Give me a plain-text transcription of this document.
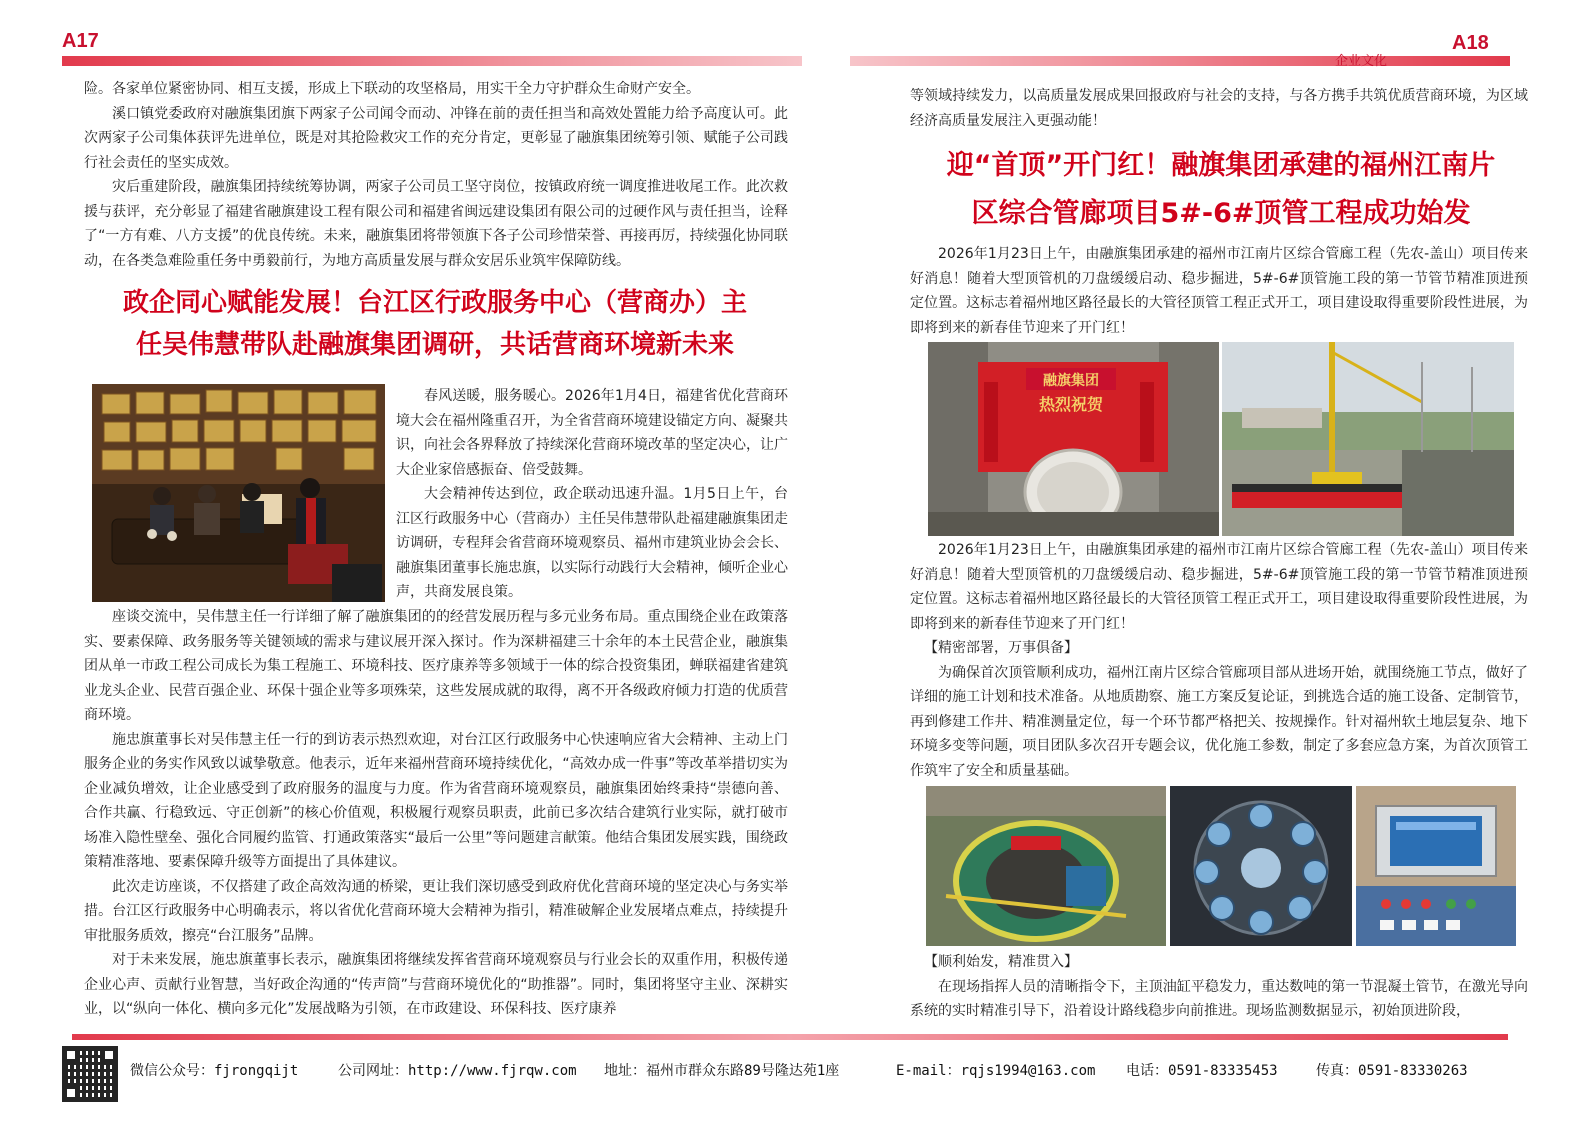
A17	A18
企业文化

险。各家单位紧密协同、相互支援，形成上下联动的攻坚格局，用实干全力守护群众生命财产安全。

溪口镇党委政府对融旗集团旗下两家子公司闻令而动、冲锋在前的责任担当和高效处置能力给予高度认可。此次两家子公司集体获评先进单位，既是对其抢险救灾工作的充分肯定，更彰显了融旗集团统筹引领、赋能子公司践行社会责任的坚实成效。

灾后重建阶段，融旗集团持续统筹协调，两家子公司员工坚守岗位，按镇政府统一调度推进收尾工作。此次救援与获评，充分彰显了福建省融旗建设工程有限公司和福建省闽远建设集团有限公司的过硬作风与责任担当，诠释了“一方有难、八方支援”的优良传统。未来，融旗集团将带领旗下各子公司珍惜荣誉、再接再厉，持续强化协同联动，在各类急难险重任务中勇毅前行，为地方高质量发展与群众安居乐业筑牢保障防线。

政企同心赋能发展！台江区行政服务中心（营商办）主
任吴伟慧带队赴融旗集团调研，共话营商环境新未来

春风送暖，服务暖心。2026年1月4日，福建省优化营商环境大会在福州隆重召开，为全省营商环境建设锚定方向、凝聚共识，向社会各界释放了持续深化营商环境改革的坚定决心，让广大企业家倍感振奋、倍受鼓舞。

大会精神传达到位，政企联动迅速升温。1月5日上午，台江区行政服务中心（营商办）主任吴伟慧带队赴福建融旗集团走访调研，专程拜会省营商环境观察员、福州市建筑业协会会长、融旗集团董事长施忠旗，以实际行动践行大会精神，倾听企业心声，共商发展良策。

座谈交流中，吴伟慧主任一行详细了解了融旗集团的的经营发展历程与多元业务布局。重点围绕企业在政策落实、要素保障、政务服务等关键领域的需求与建议展开深入探讨。作为深耕福建三十余年的本土民营企业，融旗集团从单一市政工程公司成长为集工程施工、环境科技、医疗康养等多领域于一体的综合投资集团，蝉联福建省建筑业龙头企业、民营百强企业、环保十强企业等多项殊荣，这些发展成就的取得，离不开各级政府倾力打造的优质营商环境。

施忠旗董事长对吴伟慧主任一行的到访表示热烈欢迎，对台江区行政服务中心快速响应省大会精神、主动上门服务企业的务实作风致以诚挚敬意。他表示，近年来福州营商环境持续优化，“高效办成一件事”等改革举措切实为企业减负增效，让企业感受到了政府服务的温度与力度。作为省营商环境观察员，融旗集团始终秉持“崇德向善、合作共赢、行稳致远、守正创新”的核心价值观，积极履行观察员职责，此前已多次结合建筑行业实际，就打破市场准入隐性壁垒、强化合同履约监管、打通政策落实“最后一公里”等问题建言献策。他结合集团发展实践，围绕政策精准落地、要素保障升级等方面提出了具体建议。

此次走访座谈，不仅搭建了政企高效沟通的桥梁，更让我们深切感受到政府优化营商环境的坚定决心与务实举措。台江区行政服务中心明确表示，将以省优化营商环境大会精神为指引，精准破解企业发展堵点难点，持续提升审批服务质效，擦亮“台江服务”品牌。

对于未来发展，施忠旗董事长表示，融旗集团将继续发挥省营商环境观察员与行业会长的双重作用，积极传递企业心声、贡献行业智慧，当好政企沟通的“传声筒”与营商环境优化的“助推器”。同时，集团将坚守主业、深耕实业，以“纵向一体化、横向多元化”发展战略为引领，在市政建设、环保科技、医疗康养

等领域持续发力，以高质量发展成果回报政府与社会的支持，与各方携手共筑优质营商环境，为区域经济高质量发展注入更强动能！

迎“首顶”开门红！融旗集团承建的福州江南片
区综合管廊项目5#-6#顶管工程成功始发

2026年1月23日上午，由融旗集团承建的福州市江南片区综合管廊工程（先农-盖山）项目传来好消息！随着大型顶管机的刀盘缓缓启动、稳步掘进，5#-6#顶管施工段的第一节管节精准顶进预定位置。这标志着福州地区路径最长的大管径顶管工程正式开工，项目建设取得重要阶段性进展，为即将到来的新春佳节迎来了开门红！

融旗集团
热烈祝贺

2026年1月23日上午，由融旗集团承建的福州市江南片区综合管廊工程（先农-盖山）项目传来好消息！随着大型顶管机的刀盘缓缓启动、稳步掘进，5#-6#顶管施工段的第一节管节精准顶进预定位置。这标志着福州地区路径最长的大管径顶管工程正式开工，项目建设取得重要阶段性进展，为即将到来的新春佳节迎来了开门红！

【精密部署，万事俱备】

为确保首次顶管顺利成功，福州江南片区综合管廊项目部从进场开始，就围绕施工节点，做好了详细的施工计划和技术准备。从地质勘察、施工方案反复论证，到挑选合适的施工设备、定制管节，再到修建工作井、精准测量定位，每一个环节都严格把关、按规操作。针对福州软土地层复杂、地下环境多变等问题，项目团队多次召开专题会议，优化施工参数，制定了多套应急方案，为首次顶管工作筑牢了安全和质量基础。

【顺利始发，精准贯入】

在现场指挥人员的清晰指令下，主顶油缸平稳发力，重达数吨的第一节混凝土管节，在激光导向系统的实时精准引导下，沿着设计路线稳步向前推进。现场监测数据显示，初始顶进阶段，

微信公众号：fjrongqijt	公司网址：http://www.fjrqw.com 地址：福州市群众东路89号隆达苑1座	E-mail：rqjs1994@163.com 电话：0591-83335453	传真：0591-83330263
